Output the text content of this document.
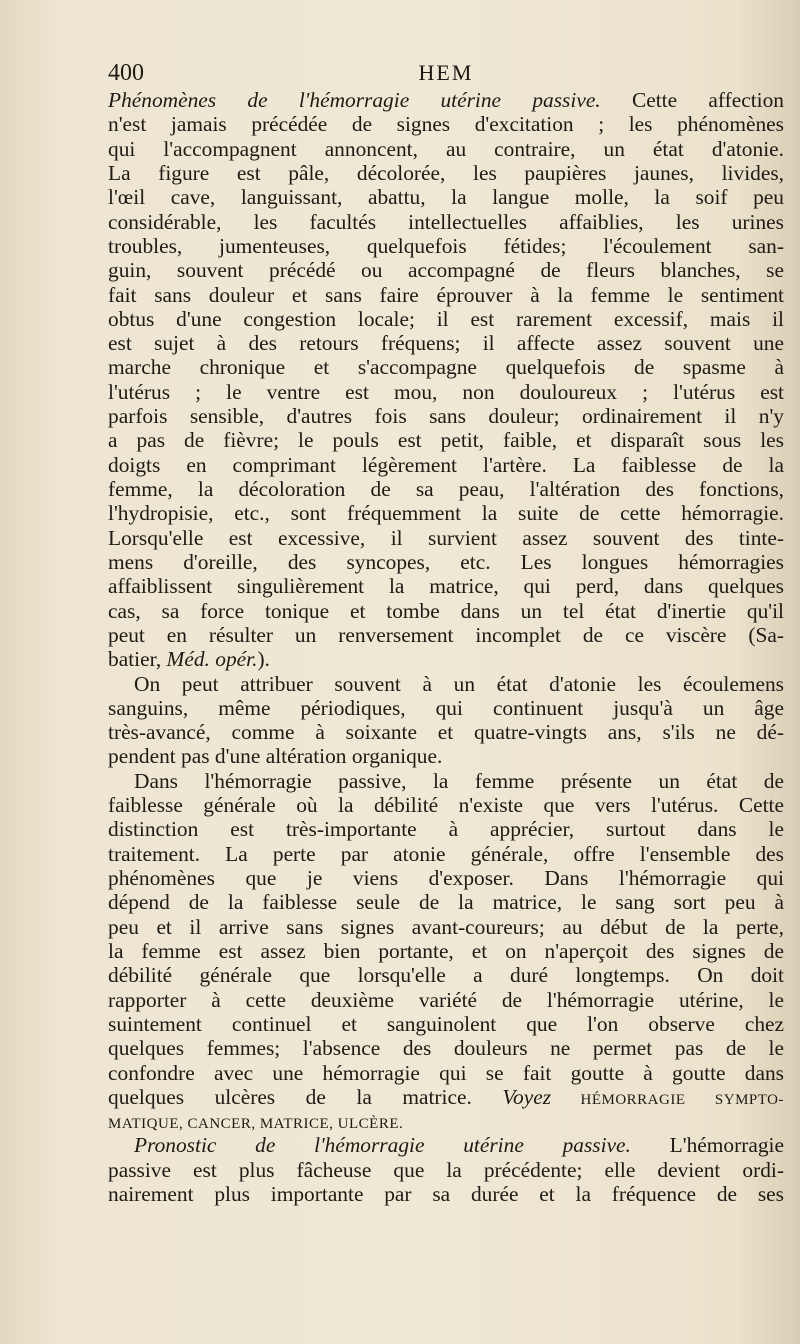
400	HEM
Phénomènes de l'hémorragie utérine passive. Cette affection
n'est jamais précédée de signes d'excitation ; les phénomènes
qui l'accompagnent annoncent, au contraire, un état d'atonie.
La figure est pâle, décolorée, les paupières jaunes, livides,
l'œil cave, languissant, abattu, la langue molle, la soif peu
considérable, les facultés intellectuelles affaiblies, les urines
troubles, jumenteuses, quelquefois fétides; l'écoulement san-
guin, souvent précédé ou accompagné de fleurs blanches, se
fait sans douleur et sans faire éprouver à la femme le sentiment
obtus d'une congestion locale; il est rarement excessif, mais il
est sujet à des retours fréquens; il affecte assez souvent une
marche chronique et s'accompagne quelquefois de spasme à
l'utérus ; le ventre est mou, non douloureux ; l'utérus est
parfois sensible, d'autres fois sans douleur; ordinairement il n'y
a pas de fièvre; le pouls est petit, faible, et disparaît sous les
doigts en comprimant légèrement l'artère. La faiblesse de la
femme, la décoloration de sa peau, l'altération des fonctions,
l'hydropisie, etc., sont fréquemment la suite de cette hémorragie.
Lorsqu'elle est excessive, il survient assez souvent des tinte-
mens d'oreille, des syncopes, etc. Les longues hémorragies
affaiblissent singulièrement la matrice, qui perd, dans quelques
cas, sa force tonique et tombe dans un tel état d'inertie qu'il
peut en résulter un renversement incomplet de ce viscère (Sa-
batier, Méd. opér.).
On peut attribuer souvent à un état d'atonie les écoulemens
sanguins, même périodiques, qui continuent jusqu'à un âge
très-avancé, comme à soixante et quatre-vingts ans, s'ils ne dé-
pendent pas d'une altération organique.
Dans l'hémorragie passive, la femme présente un état de
faiblesse générale où la débilité n'existe que vers l'utérus. Cette
distinction est très-importante à apprécier, surtout dans le
traitement. La perte par atonie générale, offre l'ensemble des
phénomènes que je viens d'exposer. Dans l'hémorragie qui
dépend de la faiblesse seule de la matrice, le sang sort peu à
peu et il arrive sans signes avant-coureurs; au début de la perte,
la femme est assez bien portante, et on n'aperçoit des signes de
débilité générale que lorsqu'elle a duré longtemps. On doit
rapporter à cette deuxième variété de l'hémorragie utérine, le
suintement continuel et sanguinolent que l'on observe chez
quelques femmes; l'absence des douleurs ne permet pas de le
confondre avec une hémorragie qui se fait goutte à goutte dans
quelques ulcères de la matrice. Voyez HÉMORRAGIE SYMPTO-
MATIQUE, CANCER, MATRICE, ULCÈRE.
Pronostic de l'hémorragie utérine passive. L'hémorragie
passive est plus fâcheuse que la précédente; elle devient ordi-
nairement plus importante par sa durée et la fréquence de ses
